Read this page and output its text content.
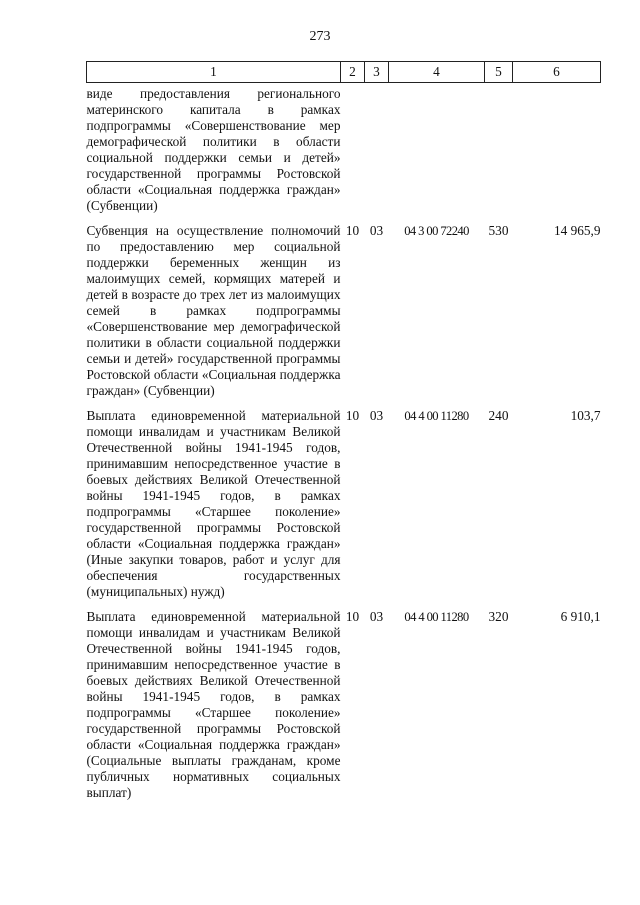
273
1	2	3	4	5	6
виде предоставления регионального материнского капитала в рамках подпрограммы «Совершенствование мер демографической политики в области социальной поддержки семьи и детей» государственной программы Ростовской области «Социальная поддержка граждан» (Субвенции)					
Субвенция на осуществление полномочий по предоставлению мер социальной поддержки беременных женщин из малоимущих семей, кормящих матерей и детей в возрасте до трех лет из малоимущих семей в рамках подпрограммы «Совершенствование мер демографической политики в области социальной поддержки семьи и детей» государственной программы Ростовской области «Социальная поддержка граждан» (Субвенции)	10	03	04 3 00 72240	530	14 965,9
Выплата единовременной материальной помощи инвалидам и участникам Великой Отечественной войны 1941-1945 годов, принимавшим непосредственное участие в боевых действиях Великой Отечественной войны 1941-1945 годов, в рамках подпрограммы «Старшее поколение» государственной программы Ростовской области «Социальная поддержка граждан» (Иные закупки товаров, работ и услуг для обеспечения государственных (муниципальных) нужд)	10	03	04 4 00 11280	240	103,7
Выплата единовременной материальной помощи инвалидам и участникам Великой Отечественной войны 1941-1945 годов, принимавшим непосредственное участие в боевых действиях Великой Отечественной войны 1941-1945 годов, в рамках подпрограммы «Старшее поколение» государственной программы Ростовской области «Социальная поддержка граждан» (Социальные выплаты гражданам, кроме публичных нормативных социальных выплат)	10	03	04 4 00 11280	320	6 910,1
